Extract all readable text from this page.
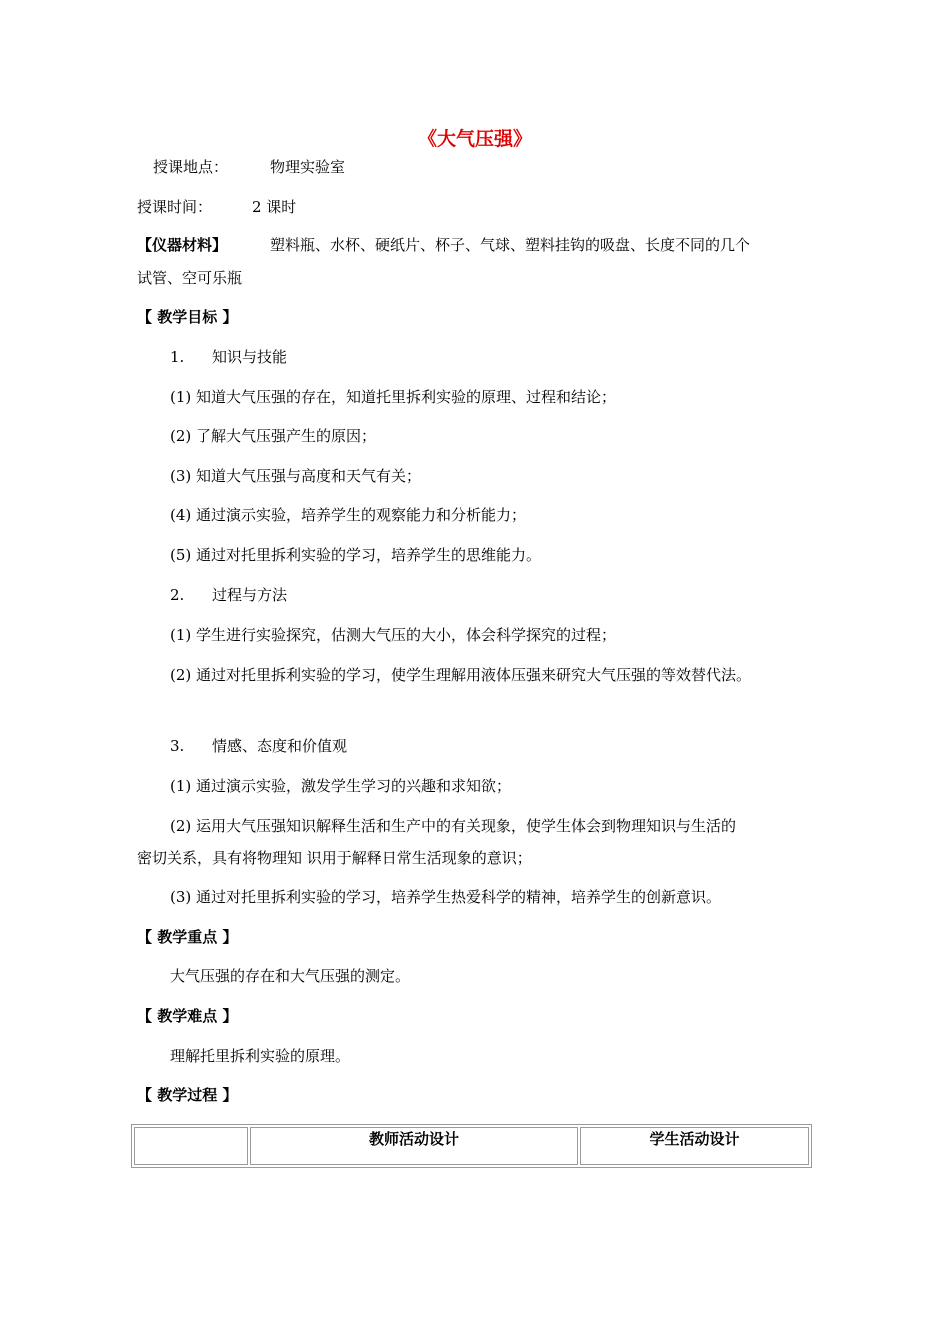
《大气压强》
授课地点：	物理实验室
授课时间：	2 课时
【仪器材料】	塑料瓶、水杯、硬纸片、杯子、气球、塑料挂钩的吸盘、长度不同的几个
试管、空可乐瓶
【 教学目标 】
1. 知识与技能
(1) 知道大气压强的存在，知道托里拆利实验的原理、过程和结论；
(2) 了解大气压强产生的原因；
(3) 知道大气压强与高度和天气有关；
(4) 通过演示实验，培养学生的观察能力和分析能力；
(5) 通过对托里拆利实验的学习，培养学生的思维能力。
2. 过程与方法
(1) 学生进行实验探究，估测大气压的大小，体会科学探究的过程；
(2) 通过对托里拆利实验的学习，使学生理解用液体压强来研究大气压强的等效替代法。
3. 情感、态度和价值观
(1) 通过演示实验，激发学生学习的兴趣和求知欲；
(2) 运用大气压强知识解释生活和生产中的有关现象，使学生体会到物理知识与生活的
密切关系，具有将物理知 识用于解释日常生活现象的意识；
(3) 通过对托里拆利实验的学习，培养学生热爱科学的精神，培养学生的创新意识。
【 教学重点 】
大气压强的存在和大气压强的测定。
【 教学难点 】
理解托里拆利实验的原理。
【 教学过程 】
	教师活动设计	学生活动设计
